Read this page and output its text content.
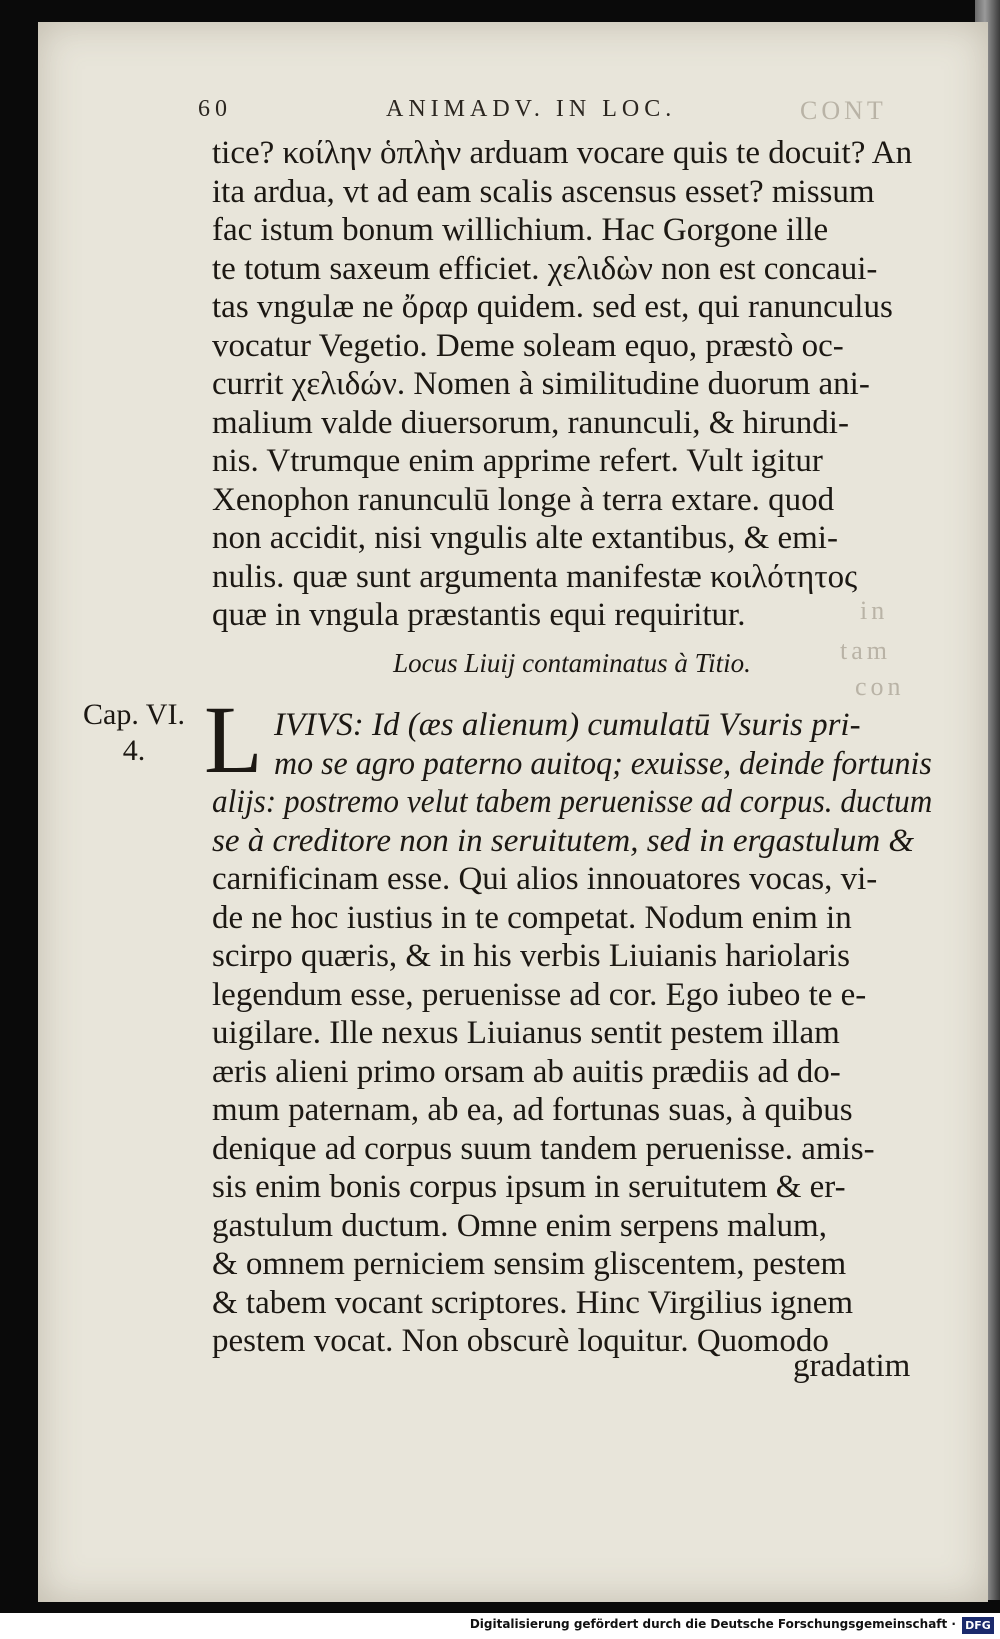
CONT
in
tam
con
60	ANIMADV. IN LOC.
tice? κοίλην ὁπλὴν arduam vocare quis te docuit? An
ita ardua, vt ad eam scalis ascensus esset? missum
fac istum bonum willichium. Hac Gorgone ille
te totum saxeum efficiet. χελιδὼν non est concaui-
tas vngulæ ne ὄραρ quidem. sed est, qui ranunculus
vocatur Vegetio. Deme soleam equo, præstò oc-
currit χελιδών. Nomen à similitudine duorum ani-
malium valde diuersorum, ranunculi, & hirundi-
nis. Vtrumque enim apprime refert. Vult igitur
Xenophon ranunculū longe à terra extare. quod
non accidit, nisi vngulis alte extantibus, & emi-
nulis. quæ sunt argumenta manifestæ κοιλότητος
quæ in vngula præstantis equi requiritur.
Locus Liuij contaminatus à Titio.
Cap. VI.
4. L IVIVS: Id (æs alienum) cumulatū Vsuris pri-
mo se agro paterno auitoq; exuisse, deinde fortunis
alijs: postremo velut tabem peruenisse ad corpus. ductum
se à creditore non in seruitutem, sed in ergastulum &
carnificinam esse. Qui alios innouatores vocas, vi-
de ne hoc iustius in te competat. Nodum enim in
scirpo quæris, & in his verbis Liuianis hariolaris
legendum esse, peruenisse ad cor. Ego iubeo te e-
uigilare. Ille nexus Liuianus sentit pestem illam
æris alieni primo orsam ab auitis prædiis ad do-
mum paternam, ab ea, ad fortunas suas, à quibus
denique ad corpus suum tandem peruenisse. amis-
sis enim bonis corpus ipsum in seruitutem & er-
gastulum ductum. Omne enim serpens malum,
& omnem perniciem sensim gliscentem, pestem
& tabem vocant scriptores. Hinc Virgilius ignem
pestem vocat. Non obscurè loquitur. Quomodo
gradatim
Digitalisierung gefördert durch die Deutsche Forschungsgemeinschaft · DFG
